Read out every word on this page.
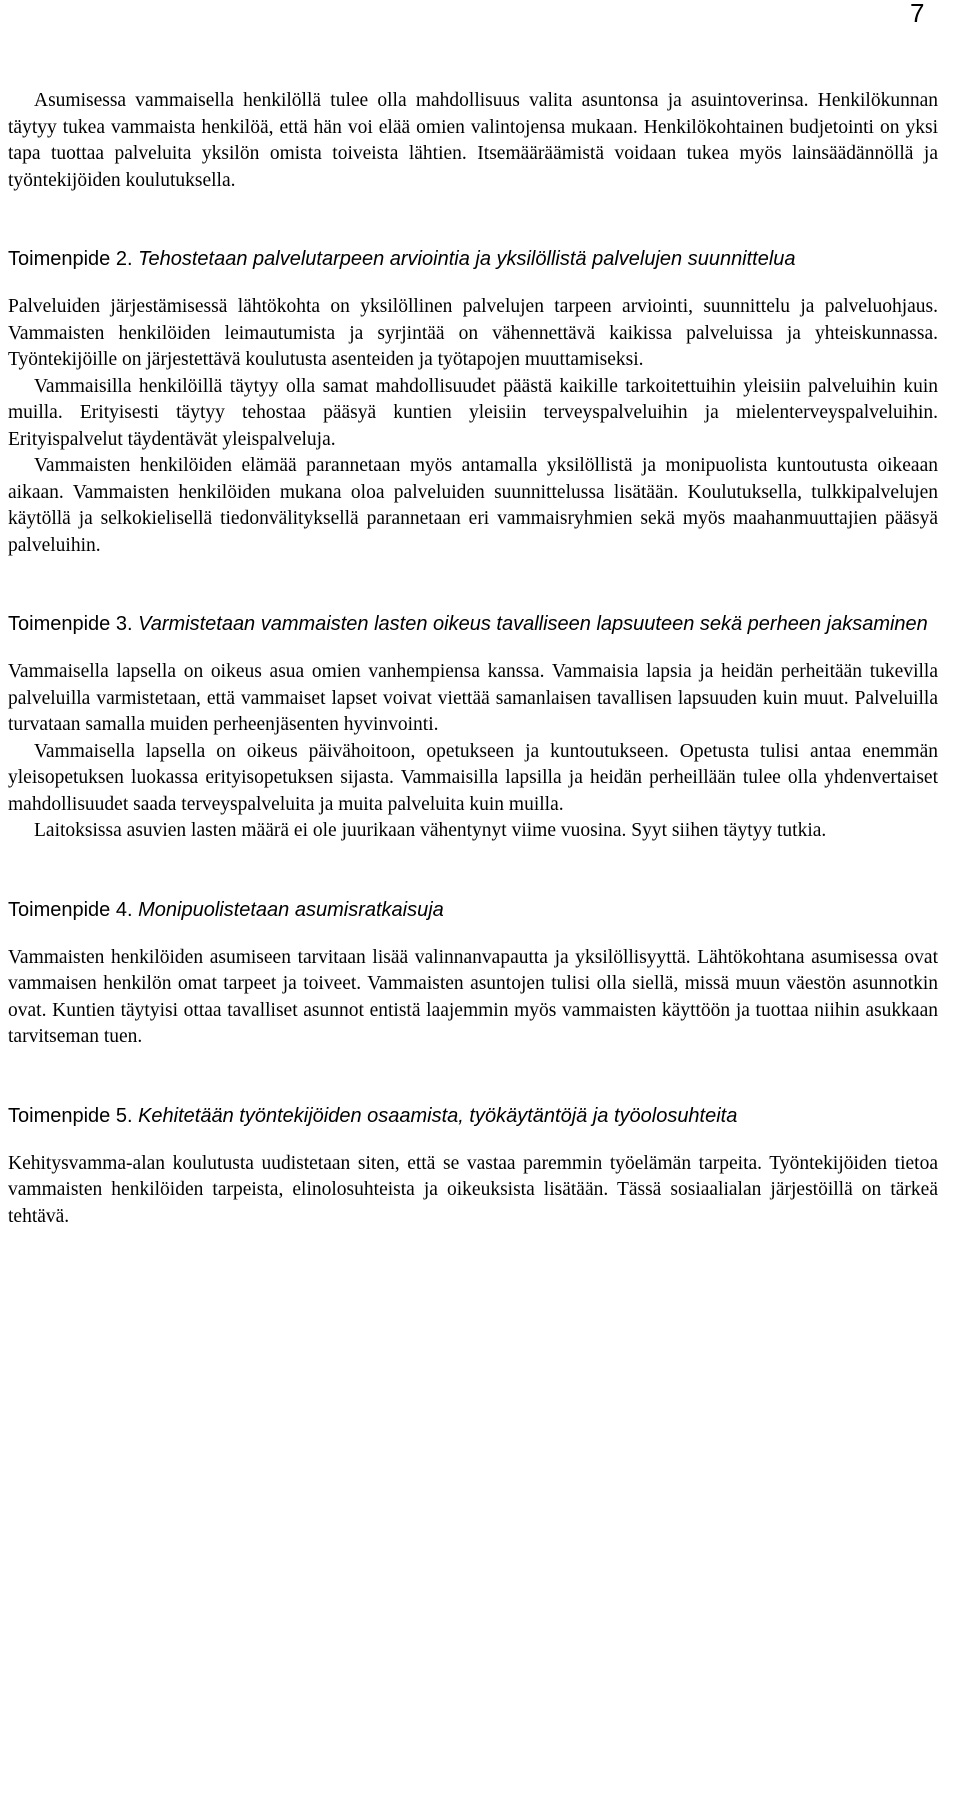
7

Asumisessa vammaisella henkilöllä tulee olla mahdollisuus valita asuntonsa ja asuintoverinsa. Henkilökunnan täytyy tukea vammaista henkilöä, että hän voi elää omien valintojensa mukaan. Henkilökohtainen budjetointi on yksi tapa tuottaa palveluita yksilön omista toiveista lähtien. Itsemääräämistä voidaan tukea myös lainsäädännöllä ja työntekijöiden koulutuksella.

Toimenpide 2. Tehostetaan palvelutarpeen arviointia ja yksilöllistä palvelujen suunnittelua

Palveluiden järjestämisessä lähtökohta on yksilöllinen palvelujen tarpeen arviointi, suunnittelu ja palveluohjaus. Vammaisten henkilöiden leimautumista ja syrjintää on vähennettävä kaikissa palveluissa ja yhteiskunnassa. Työntekijöille on järjestettävä koulutusta asenteiden ja työtapojen muuttamiseksi.

Vammaisilla henkilöillä täytyy olla samat mahdollisuudet päästä kaikille tarkoitettuihin yleisiin palveluihin kuin muilla. Erityisesti täytyy tehostaa pääsyä kuntien yleisiin terveyspalveluihin ja mielenterveyspalveluihin. Erityispalvelut täydentävät yleispalveluja.

Vammaisten henkilöiden elämää parannetaan myös antamalla yksilöllistä ja monipuolista kuntoutusta oikeaan aikaan. Vammaisten henkilöiden mukana oloa palveluiden suunnittelussa lisätään. Koulutuksella, tulkkipalvelujen käytöllä ja selkokielisellä tiedonvälityksellä parannetaan eri vammaisryhmien sekä myös maahanmuuttajien pääsyä palveluihin.

Toimenpide 3. Varmistetaan vammaisten lasten oikeus tavalliseen lapsuuteen sekä perheen jaksaminen

Vammaisella lapsella on oikeus asua omien vanhempiensa kanssa. Vammaisia lapsia ja heidän perheitään tukevilla palveluilla varmistetaan, että vammaiset lapset voivat viettää samanlaisen tavallisen lapsuuden kuin muut. Palveluilla turvataan samalla muiden perheenjäsenten hyvinvointi.

Vammaisella lapsella on oikeus päivähoitoon, opetukseen ja kuntoutukseen. Opetusta tulisi antaa enemmän yleisopetuksen luokassa erityisopetuksen sijasta. Vammaisilla lapsilla ja heidän perheillään tulee olla yhdenvertaiset mahdollisuudet saada terveyspalveluita ja muita palveluita kuin muilla.

Laitoksissa asuvien lasten määrä ei ole juurikaan vähentynyt viime vuosina. Syyt siihen täytyy tutkia.

Toimenpide 4. Monipuolistetaan asumisratkaisuja

Vammaisten henkilöiden asumiseen tarvitaan lisää valinnanvapautta ja yksilöllisyyttä. Lähtökohtana asumisessa ovat vammaisen henkilön omat tarpeet ja toiveet. Vammaisten asuntojen tulisi olla siellä, missä muun väestön asunnotkin ovat. Kuntien täytyisi ottaa tavalliset asunnot entistä laajemmin myös vammaisten käyttöön ja tuottaa niihin asukkaan tarvitseman tuen.

Toimenpide 5. Kehitetään työntekijöiden osaamista, työkäytäntöjä ja työolosuhteita

Kehitysvamma-alan koulutusta uudistetaan siten, että se vastaa paremmin työelämän tarpeita. Työntekijöiden tietoa vammaisten henkilöiden tarpeista, elinolosuhteista ja oikeuksista lisätään. Tässä sosiaalialan järjestöillä on tärkeä tehtävä.
